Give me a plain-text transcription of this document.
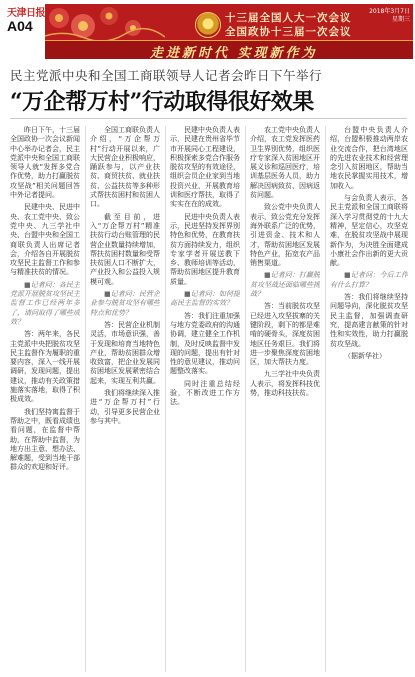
天津日报
A04	十三届全国人大一次会议
全国政协十三届一次会议
2018年3月7日
星期三
走进新时代 实现新作为
民主党派中央和全国工商联领导人记者会昨日下午举行
“万企帮万村”行动取得很好效果

昨日下午，十三届全国政协一次会议新闻中心举办记者会，民主党派中央和全国工商联领导人就“发挥多党合作优势，助力打赢脱贫攻坚战”相关问题回答中外记者提问。

民建中央、民进中央、农工党中央、致公党中央、九三学社中央、台盟中央和全国工商联负责人出席记者会，介绍各自开展脱贫攻坚民主监督工作和参与精准扶贫的情况。

■记者问：各民主党派开展脱贫攻坚民主监督工作已经两年多了，请问取得了哪些成效？

答：两年来，各民主党派中央把脱贫攻坚民主监督作为履职的重要内容，深入一线开展调研，发现问题，提出建议，推动有关政策措施落实落地，取得了积极成效。

我们坚持寓监督于帮助之中，既看成绩也看问题，在监督中帮助，在帮助中监督，为地方出主意、想办法、解难题，受到当地干部群众的欢迎和好评。

全国工商联负责人介绍，“万企帮万村”行动开展以来，广大民营企业积极响应，踊跃参与，以产业扶贫、商贸扶贫、就业扶贫、公益扶贫等多种形式帮扶贫困村和贫困人口。

截至目前，进入“万企帮万村”精准扶贫行动台账管理的民营企业数量持续增加，帮扶贫困村数量和受帮扶贫困人口不断扩大，产业投入和公益投入规模可观。

■记者问：民营企业参与脱贫攻坚有哪些特点和优势？

答：民营企业机制灵活，市场意识强，善于发现和培育当地特色产业，帮助贫困群众增收致富，把企业发展同贫困地区发展紧密结合起来，实现互利共赢。

我们将继续深入推进“万企帮万村”行动，引导更多民营企业参与其中。

民建中央负责人表示，民建在贵州省毕节市开展同心工程建设，积极探索多党合作服务脱贫攻坚的有效途径，组织会员企业家到当地投资兴业，开展教育培训和医疗帮扶，取得了实实在在的成效。

民进中央负责人表示，民进坚持发挥界别特色和优势，在教育扶贫方面持续发力，组织专家学者开展送教下乡、教师培训等活动，帮助贫困地区提升教育质量。

■记者问：如何提高民主监督的实效？

答：我们注重加强与地方党委政府的沟通协调，建立健全工作机制，及时反映监督中发现的问题，提出有针对性的意见建议，推动问题整改落实。

同时注重总结经验，不断改进工作方法。

农工党中央负责人介绍，农工党发挥医药卫生界别优势，组织医疗专家深入贫困地区开展义诊和巡回医疗，培训基层医务人员，助力解决因病致贫、因病返贫问题。

致公党中央负责人表示，致公党充分发挥海外联系广泛的优势，引进资金、技术和人才，帮助贫困地区发展特色产业，拓宽农产品销售渠道。

■记者问：打赢脱贫攻坚战还面临哪些挑战？

答：当前脱贫攻坚已经进入攻坚拔寨的关键阶段，剩下的都是难啃的硬骨头，深度贫困地区任务艰巨。我们将进一步聚焦深度贫困地区，加大帮扶力度。

九三学社中央负责人表示，将发挥科技优势，推动科技扶贫。

台盟中央负责人介绍，台盟积极推动两岸农业交流合作，把台湾地区的先进农业技术和经营理念引入贫困地区，帮助当地农民掌握实用技术，增加收入。

与会负责人表示，各民主党派和全国工商联将深入学习贯彻党的十九大精神，坚定信心，攻坚克难，在脱贫攻坚战中展现新作为，为决胜全面建成小康社会作出新的更大贡献。

■记者问：今后工作有什么打算？

答：我们将继续坚持问题导向，深化脱贫攻坚民主监督，加强调查研究，提高建言献策的针对性和实效性，助力打赢脱贫攻坚战。

（据新华社）
